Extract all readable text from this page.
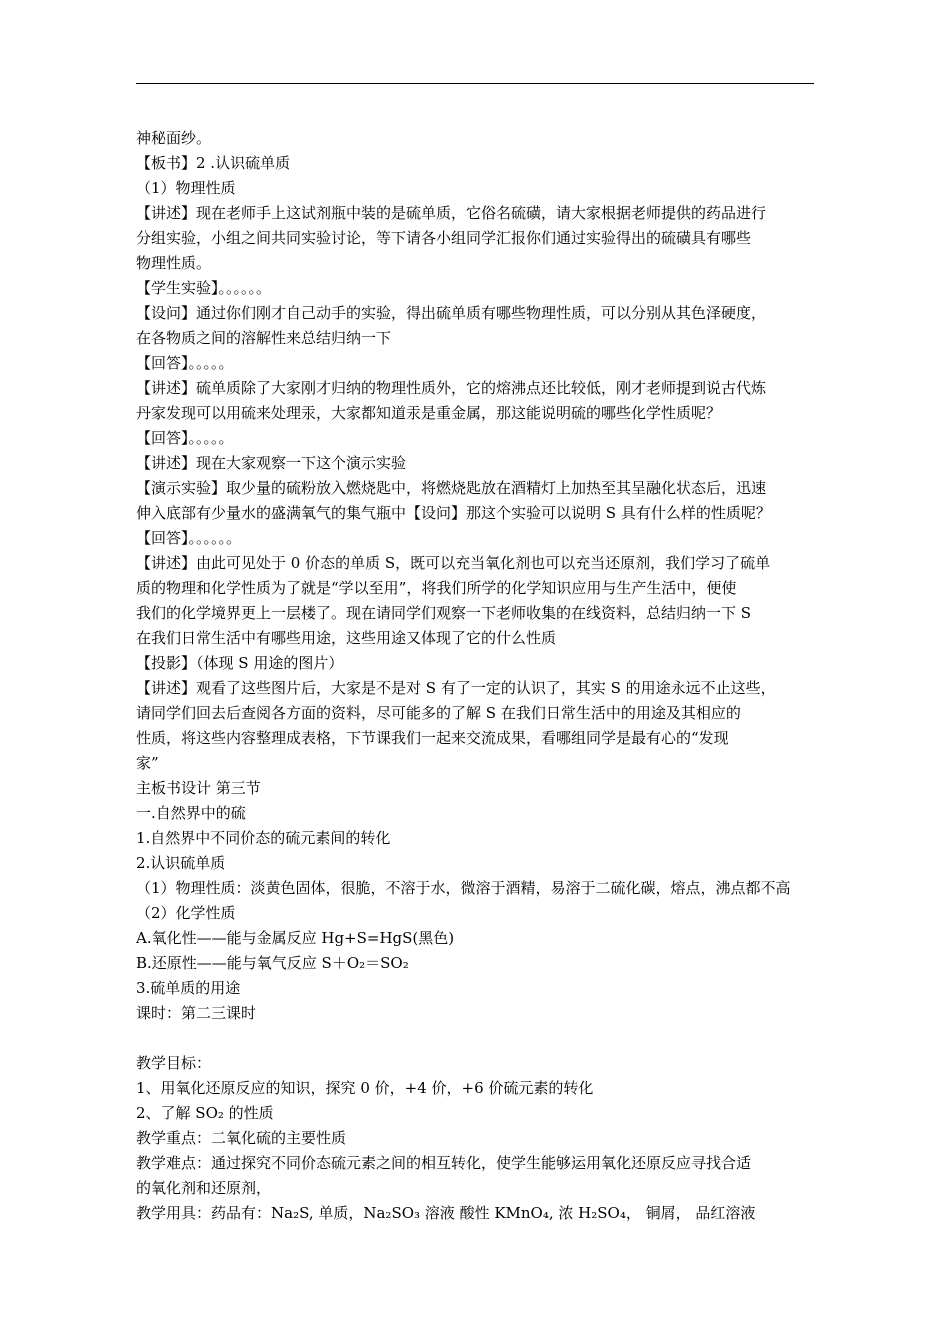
神秘面纱。
【板书】2 .认识硫单质
（1）物理性质
【讲述】现在老师手上这试剂瓶中装的是硫单质，它俗名硫磺，请大家根据老师提供的药品进行
分组实验，小组之间共同实验讨论，等下请各小组同学汇报你们通过实验得出的硫磺具有哪些
物理性质。
【学生实验】。。。。。。
【设问】通过你们刚才自己动手的实验，得出硫单质有哪些物理性质，可以分别从其色泽硬度，
在各物质之间的溶解性来总结归纳一下
【回答】。。。。。
【讲述】硫单质除了大家刚才归纳的物理性质外，它的熔沸点还比较低，刚才老师提到说古代炼
丹家发现可以用硫来处理汞，大家都知道汞是重金属，那这能说明硫的哪些化学性质呢？
【回答】。。。。。
【讲述】现在大家观察一下这个演示实验
【演示实验】取少量的硫粉放入燃烧匙中，将燃烧匙放在酒精灯上加热至其呈融化状态后，迅速
伸入底部有少量水的盛满氧气的集气瓶中【设问】那这个实验可以说明 S 具有什么样的性质呢？
【回答】。。。。。。
【讲述】由此可见处于 0 价态的单质 S，既可以充当氧化剂也可以充当还原剂，我们学习了硫单
质的物理和化学性质为了就是“学以至用”，将我们所学的化学知识应用与生产生活中，便使
我们的化学境界更上一层楼了。现在请同学们观察一下老师收集的在线资料，总结归纳一下 S
在我们日常生活中有哪些用途，这些用途又体现了它的什么性质
【投影】（体现 S 用途的图片）
【讲述】观看了这些图片后，大家是不是对 S 有了一定的认识了，其实 S 的用途永远不止这些，
请同学们回去后查阅各方面的资料，尽可能多的了解 S 在我们日常生活中的用途及其相应的
性质，将这些内容整理成表格，下节课我们一起来交流成果，看哪组同学是最有心的“发现
家”
主板书设计 第三节
一.自然界中的硫
1.自然界中不同价态的硫元素间的转化
2.认识硫单质
（1）物理性质：淡黄色固体，很脆，不溶于水，微溶于酒精，易溶于二硫化碳，熔点，沸点都不高
（2）化学性质
A.氧化性——能与金属反应 Hg+S=HgS(黑色)
B.还原性——能与氧气反应 S＋O₂＝SO₂
3.硫单质的用途
课时：第二三课时
教学目标：
1、用氧化还原反应的知识，探究 0 价，+4 价，+6 价硫元素的转化
2、了解 SO₂ 的性质
教学重点：二氧化硫的主要性质
教学难点：通过探究不同价态硫元素之间的相互转化，使学生能够运用氧化还原反应寻找合适
的氧化剂和还原剂，
教学用具：药品有：Na₂S, 单质，Na₂SO₃ 溶液 酸性 KMnO₄, 浓 H₂SO₄， 铜屑， 品红溶液
